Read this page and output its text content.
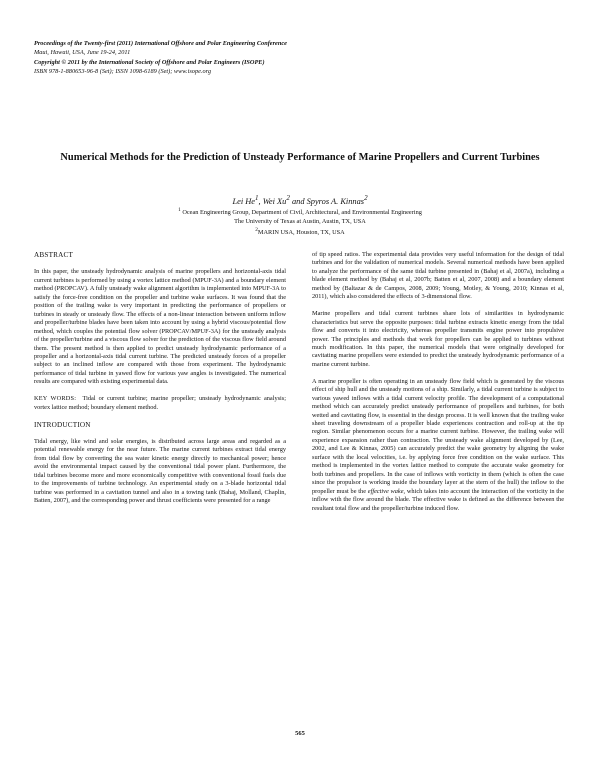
Proceedings of the Twenty-first (2011) International Offshore and Polar Engineering Conference
Maui, Hawaii, USA, June 19-24, 2011
Copyright © 2011 by the International Society of Offshore and Polar Engineers (ISOPE)
ISBN 978-1-880653-96-8 (Set); ISSN 1098-6189 (Set); www.isope.org
Numerical Methods for the Prediction of Unsteady Performance of Marine Propellers and Current Turbines
Lei He$^1$, Wei Xu$^2$ and Spyros A. Kinnas$^2$
$^1$ Ocean Engineering Group, Department of Civil, Architectural, and Environmental Engineering
The University of Texas at Austin, Austin, TX, USA
$^2$MARIN USA, Houston, TX, USA

ABSTRACT

In this paper, the unsteady hydrodynamic analysis of marine propellers and horizontal-axis tidal current turbines is performed by using a vortex lattice method (MPUF-3A) and a boundary element method (PROPCAV). A fully unsteady wake alignment algorithm is implemented into MPUF-3A to satisfy the force-free condition on the propeller and turbine wake surfaces. It was found that the position of the trailing wake is very important in predicting the performance of propellers or turbines in steady or unsteady flow. The effects of a non-linear interaction between uniform inflow and propeller/turbine blades have been taken into account by using a hybrid viscous/potential flow method, which couples the potential flow solver (PROPCAV/MPUF-3A) for the unsteady analysis of the propeller/turbine and a viscous flow solver for the prediction of the viscous flow field around them. The present method is then applied to predict unsteady hydrodynamic performance of a propeller and a horizontal-axis tidal current turbine. The predicted unsteady forces of a propeller subject to an inclined inflow are compared with those from experiment. The hydrodynamic performance of tidal turbine in yawed flow for various yaw angles is investigated. The numerical results are compared with existing experimental data.

KEY WORDS: Tidal or current turbine; marine propeller; unsteady hydrodynamic analysis; vortex lattice method; boundary element method.

INTRODUCTION

Tidal energy, like wind and solar energies, is distributed across large areas and regarded as a potential renewable energy for the near future. The marine current turbines extract tidal energy from tidal flow by converting the sea water kinetic energy directly to mechanical power; hence avoid the environmental impact caused by the conventional tidal power plant. Furthermore, the tidal turbines become more and more economically competitive with conventional fossil fuels due to the improvements of turbine technology. An experimental study on a 3-blade horizontal tidal turbine was performed in a cavitation tunnel and also in a towing tank (Bahaj, Molland, Chaplin, Batten, 2007), and the corresponding power and thrust coefficients were presented for a range

of tip speed ratios. The experimental data provides very useful information for the design of tidal turbines and for the validation of numerical models. Several numerical methods have been applied to analyze the performance of the same tidal turbine presented in (Bahaj et al, 2007a), including a blade element method by (Bahaj et al, 2007b; Batten et al, 2007, 2008) and a boundary element method by (Baltazar & de Campos, 2008, 2009; Young, Motley, & Young, 2010; Kinnas et al, 2011), which also considered the effects of 3-dimensional flow.

Marine propellers and tidal current turbines share lots of similarities in hydrodynamic characteristics but serve the opposite purposes: tidal turbine extracts kinetic energy from the tidal flow and converts it into electricity, whereas propeller transmits engine power into propulsive power. The principles and methods that work for propellers can be applied to turbines without much modification. In this paper, the numerical models that were originally developed for cavitating marine propellers were extended to predict the unsteady hydrodynamic performance of a marine current turbine.

A marine propeller is often operating in an unsteady flow field which is generated by the viscous effect of ship hull and the unsteady motions of a ship. Similarly, a tidal current turbine is subject to various yawed inflows with a tidal current velocity profile. The development of a computational method which can accurately predict unsteady performance of propellers and turbines, for both wetted and cavitating flow, is essential in the design process. It is well known that the trailing wake sheet traveling downstream of a propeller blade experiences contraction and roll-up at the tip region. Similar phenomenon occurs for a marine current turbine. However, the trailing wake will experience expansion rather than contraction. The unsteady wake alignment developed by (Lee, 2002, and Lee & Kinnas, 2005) can accurately predict the wake geometry by aligning the wake surface with the local velocities, i.e. by applying force free condition on the wake surface. This method is implemented in the vortex lattice method to compute the accurate wake geometry for both turbines and propellers. In the case of inflows with vorticity in them (which is often the case since the propulsor is working inside the boundary layer at the stern of the hull) the inflow to the propeller must be the effective wake, which takes into account the interaction of the vorticity in the inflow with the flow around the blade. The effective wake is defined as the difference between the resultant total flow and the propeller/turbine induced flow.

565
